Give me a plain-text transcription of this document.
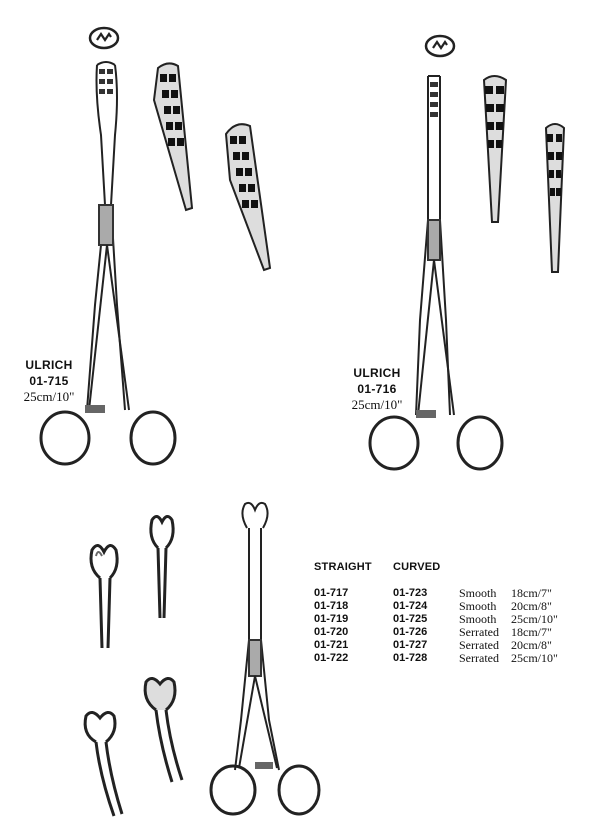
ULRICH
01-715
25cm/10"
ULRICH
01-716
25cm/10"
STRAIGHT	CURVED		
01-717	01-723	Smooth	18cm/7"
01-718	01-724	Smooth	20cm/8"
01-719	01-725	Smooth	25cm/10"
01-720	01-726	Serrated	18cm/7"
01-721	01-727	Serrated	20cm/8"
01-722	01-728	Serrated	25cm/10"
